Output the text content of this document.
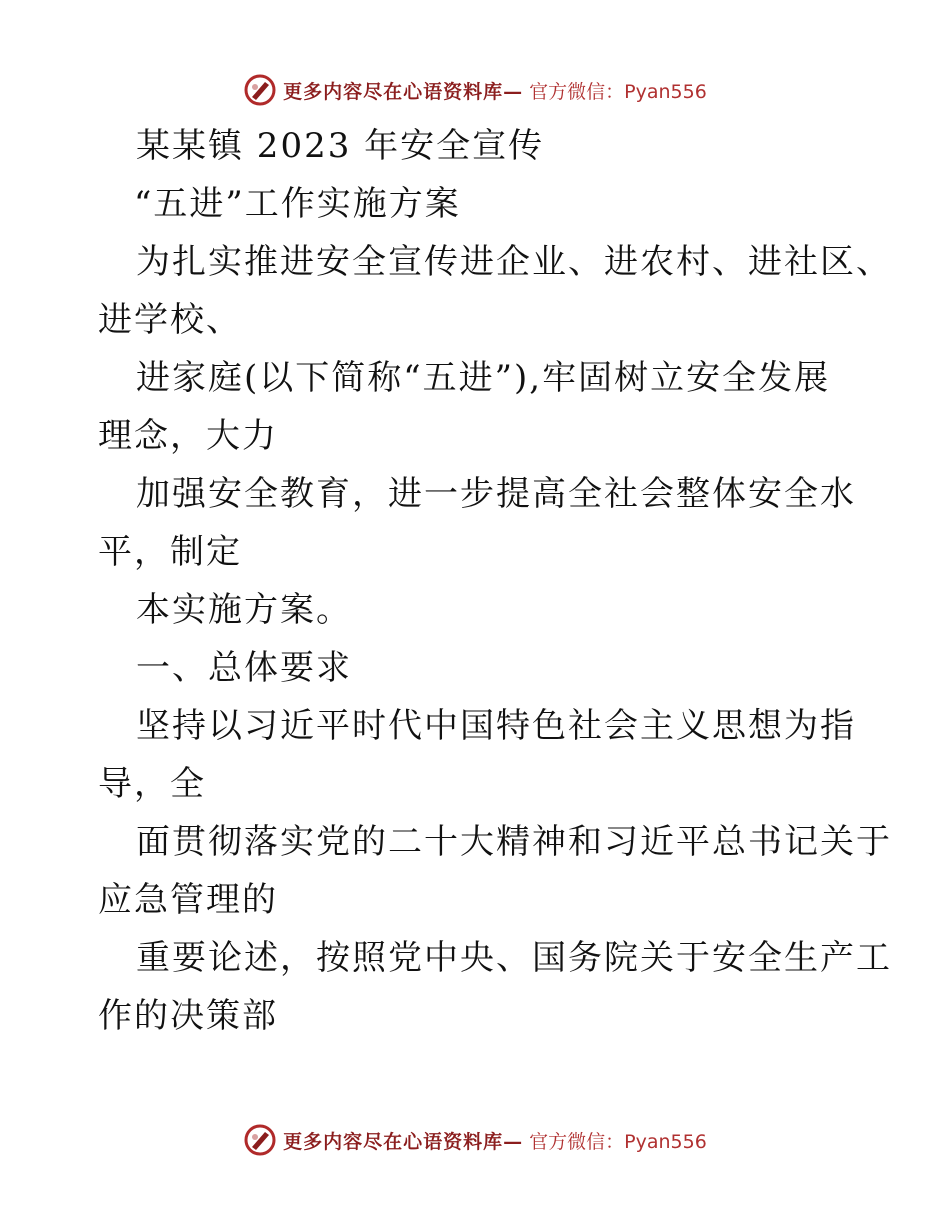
更多内容尽在心语资料库— 官方微信：Pyan556
某某镇 2023 年安全宣传
“五进”工作实施方案
为扎实推进安全宣传进企业、进农村、进社区、
进学校、
进家庭(以下简称“五进”),牢固树立安全发展
理念，大力
加强安全教育，进一步提高全社会整体安全水
平，制定
本实施方案。
一、总体要求
坚持以习近平时代中国特色社会主义思想为指
导，全
面贯彻落实党的二十大精神和习近平总书记关于
应急管理的
重要论述，按照党中央、国务院关于安全生产工
作的决策部
更多内容尽在心语资料库— 官方微信：Pyan556
